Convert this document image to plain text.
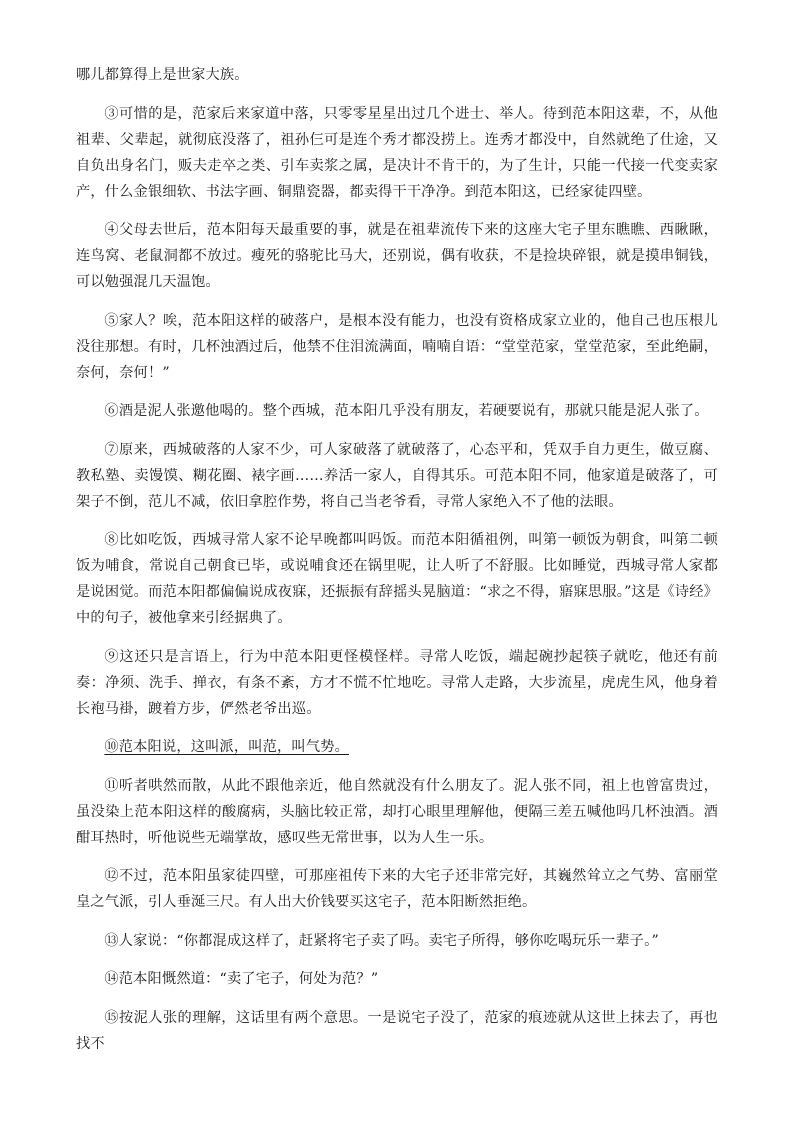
哪儿都算得上是世家大族。

③可惜的是，范家后来家道中落，只零零星星出过几个进士、举人。待到范本阳这辈，不，从他祖辈、父辈起，就彻底没落了，祖孙仨可是连个秀才都没捞上。连秀才都没中，自然就绝了仕途，又自负出身名门，贩夫走卒之类、引车卖浆之属，是决计不肯干的，为了生计，只能一代接一代变卖家产，什么金银细软、书法字画、铜鼎瓷器，都卖得干干净净。到范本阳这，已经家徒四壁。

④父母去世后，范本阳每天最重要的事，就是在祖辈流传下来的这座大宅子里东瞧瞧、西瞅瞅，连鸟窝、老鼠洞都不放过。瘦死的骆驼比马大，还别说，偶有收获，不是捡块碎银，就是摸串铜钱，可以勉强混几天温饱。

⑤家人？唉，范本阳这样的破落户，是根本没有能力，也没有资格成家立业的，他自己也压根儿没往那想。有时，几杯浊酒过后，他禁不住泪流满面，喃喃自语：“堂堂范家，堂堂范家，至此绝嗣，奈何，奈何！”

⑥酒是泥人张邀他喝的。整个西城，范本阳几乎没有朋友，若硬要说有，那就只能是泥人张了。

⑦原来，西城破落的人家不少，可人家破落了就破落了，心态平和，凭双手自力更生，做豆腐、教私塾、卖馒馍、糊花圈、裱字画……养活一家人，自得其乐。可范本阳不同，他家道是破落了，可架子不倒，范儿不减，依旧拿腔作势，将自己当老爷看，寻常人家绝入不了他的法眼。

⑧比如吃饭，西城寻常人家不论早晚都叫吗饭。而范本阳循祖例，叫第一顿饭为朝食，叫第二顿饭为哺食，常说自己朝食已毕，或说哺食还在锅里呢，让人听了不舒服。比如睡觉，西城寻常人家都是说困觉。而范本阳都偏偏说成夜寐，还振振有辞摇头晃脑道：“求之不得，寤寐思服。”这是《诗经》中的句子，被他拿来引经据典了。

⑨这还只是言语上，行为中范本阳更怪模怪样。寻常人吃饭，端起碗抄起筷子就吃，他还有前奏：净须、洗手、掸衣，有条不紊，方才不慌不忙地吃。寻常人走路，大步流星，虎虎生风，他身着长袍马褂，踱着方步，俨然老爷出巡。

⑩范本阳说，这叫派，叫范，叫气势。

⑪听者哄然而散，从此不跟他亲近，他自然就没有什么朋友了。泥人张不同，祖上也曾富贵过，虽没染上范本阳这样的酸腐病，头脑比较正常，却打心眼里理解他，便隔三差五喊他吗几杯浊酒。酒酣耳热时，听他说些无端掌故，感叹些无常世事，以为人生一乐。

⑫不过，范本阳虽家徒四壁，可那座祖传下来的大宅子还非常完好，其巍然耸立之气势、富丽堂皇之气派，引人垂涎三尺。有人出大价钱要买这宅子，范本阳断然拒绝。

⑬人家说：“你都混成这样了，赶紧将宅子卖了吗。卖宅子所得，够你吃喝玩乐一辈子。”

⑭范本阳慨然道：“卖了宅子，何处为范？”

⑮按泥人张的理解，这话里有两个意思。一是说宅子没了，范家的痕迹就从这世上抹去了，再也找不
